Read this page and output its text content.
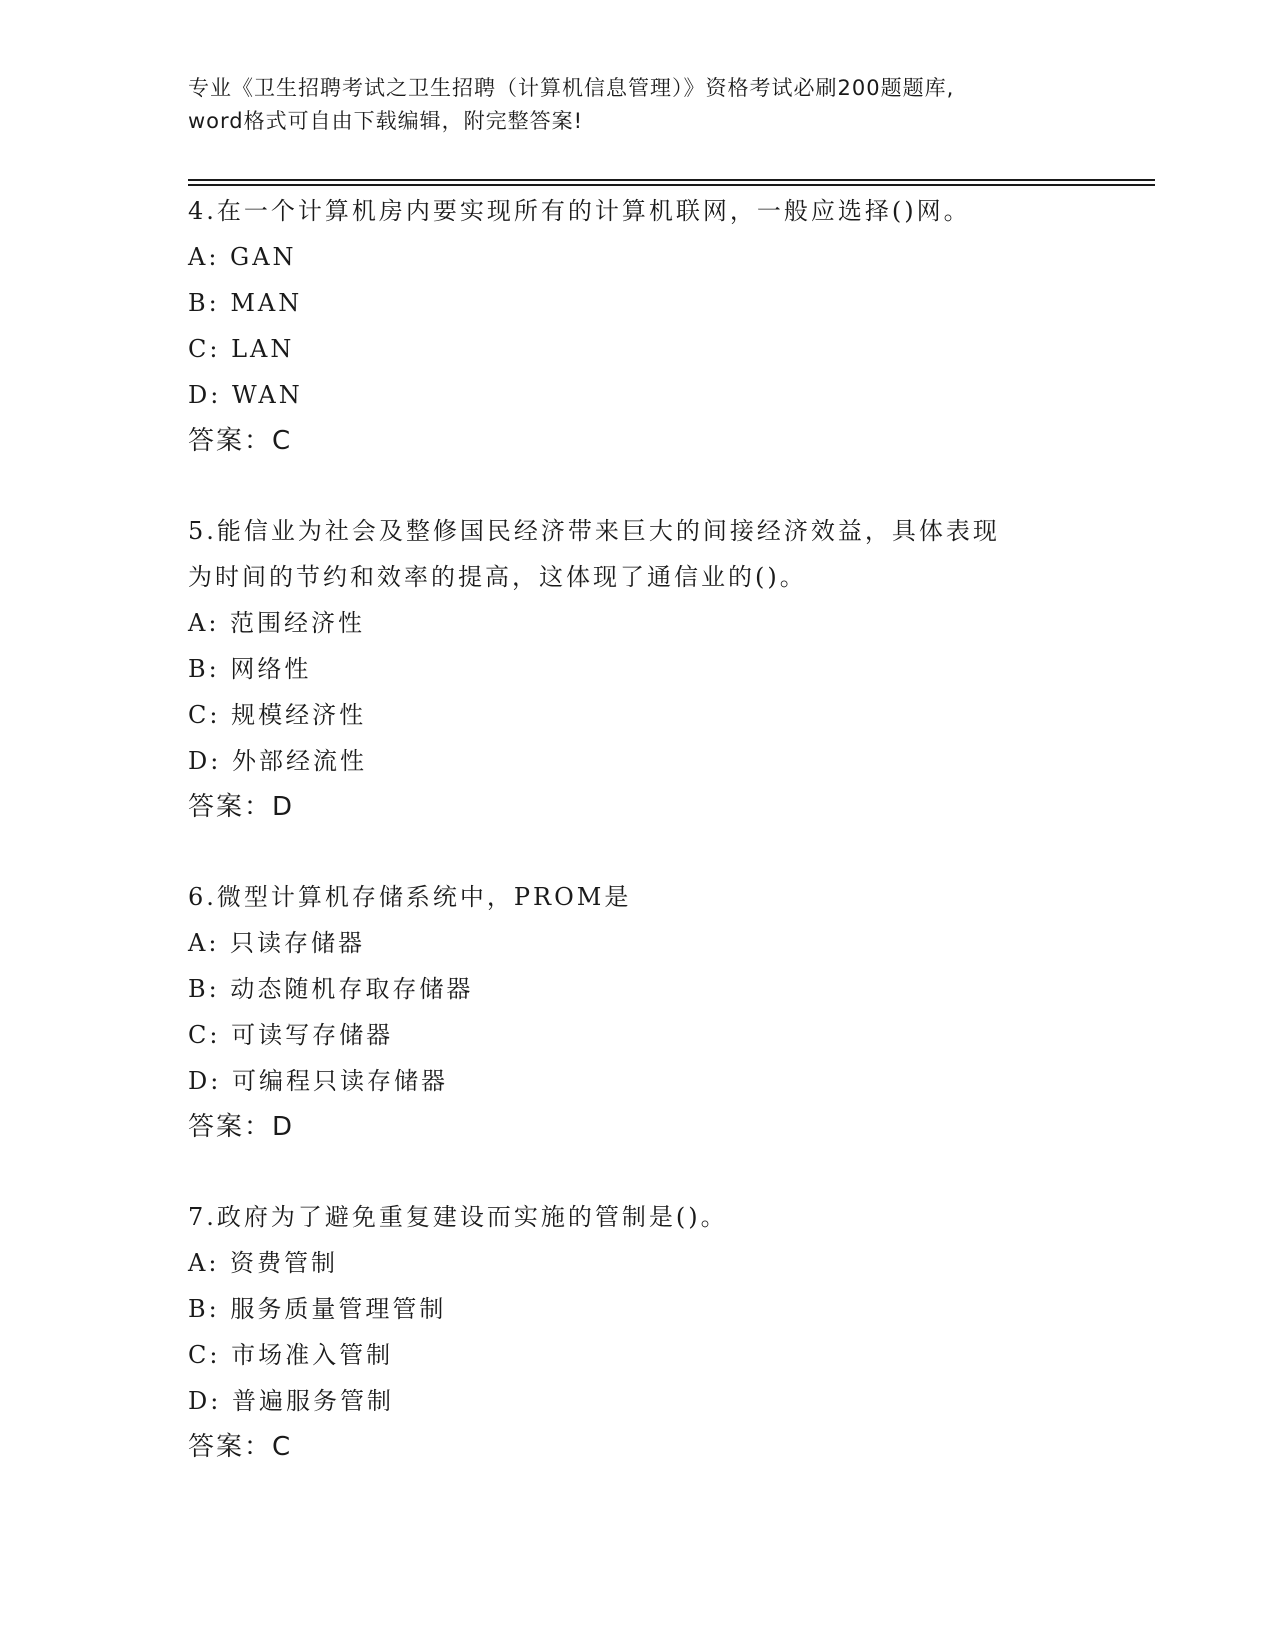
专业《卫生招聘考试之卫生招聘（计算机信息管理）》资格考试必刷200题题库,
word格式可自由下载编辑，附完整答案!

4.在一个计算机房内要实现所有的计算机联网，一般应选择()网。

A: GAN

B: MAN

C: LAN

D: WAN

答案：C

5.能信业为社会及整修国民经济带来巨大的间接经济效益，具体表现

为时间的节约和效率的提高，这体现了通信业的()。

A: 范围经济性

B: 网络性

C: 规模经济性

D: 外部经流性

答案：D

6.微型计算机存储系统中，PROM是

A: 只读存储器

B: 动态随机存取存储器

C: 可读写存储器

D: 可编程只读存储器

答案：D

7.政府为了避免重复建设而实施的管制是()。

A: 资费管制

B: 服务质量管理管制

C: 市场准入管制

D: 普遍服务管制

答案：C
